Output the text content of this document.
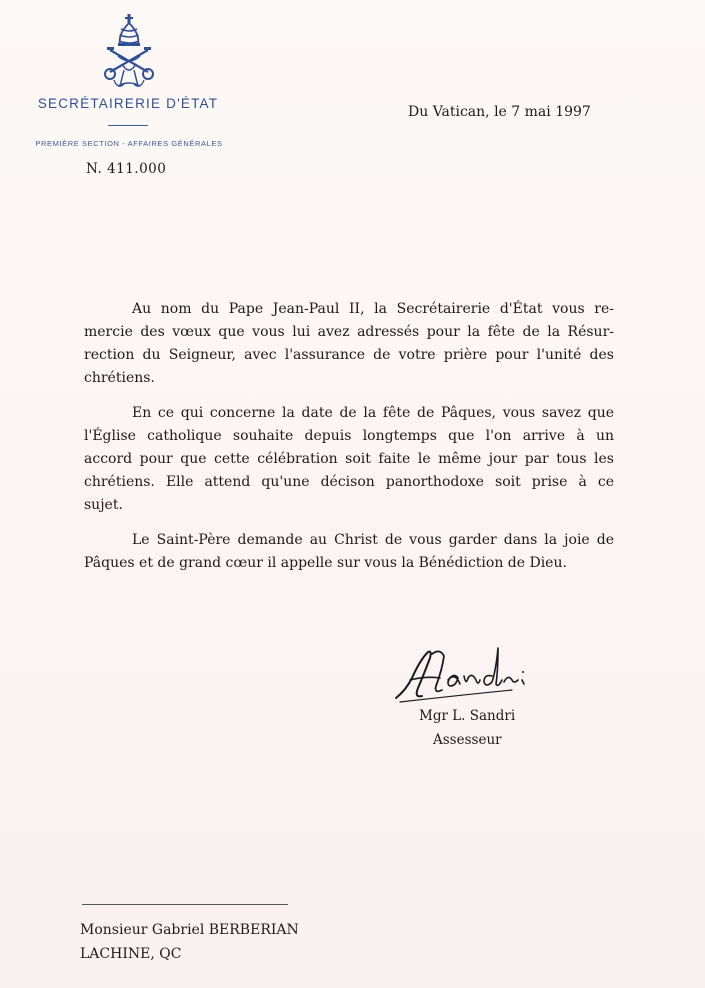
SECRÉTAIRERIE D'ÉTAT
PREMIÈRE SECTION - AFFAIRES GÉNÉRALES
N. 411.000
Du Vatican, le 7 mai 1997
Au nom du Pape Jean-Paul II, la Secrétairerie d'État vous re-
mercie des vœux que vous lui avez adressés pour la fête de la Résur-
rection du Seigneur, avec l'assurance de votre prière pour l'unité des
chrétiens.
En ce qui concerne la date de la fête de Pâques, vous savez que
l'Église catholique souhaite depuis longtemps que l'on arrive à un
accord pour que cette célébration soit faite le même jour par tous les
chrétiens. Elle attend qu'une décison panorthodoxe soit prise à ce
sujet.
Le Saint-Père demande au Christ de vous garder dans la joie de
Pâques et de grand cœur il appelle sur vous la Bénédiction de Dieu.
Mgr L. Sandri
Assesseur
Monsieur Gabriel BERBERIAN
LACHINE, QC
